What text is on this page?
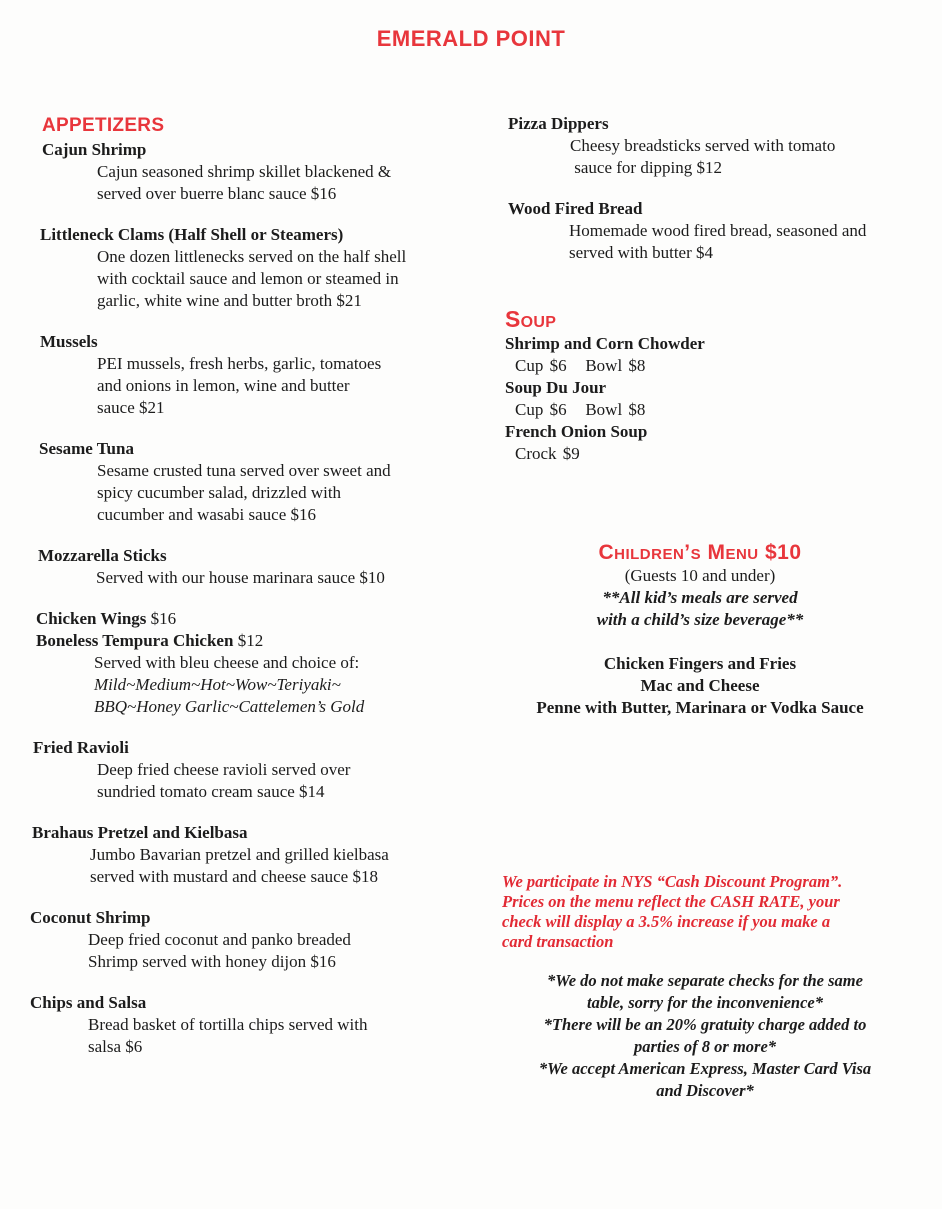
EMERALD POINT
APPETIZERS
Cajun Shrimp
Cajun seasoned shrimp skillet blackened &
served over buerre blanc sauce $16
Littleneck Clams (Half Shell or Steamers)
One dozen littlenecks served on the half shell
with cocktail sauce and lemon or steamed in
garlic, white wine and butter broth $21
Mussels
PEI mussels, fresh herbs, garlic, tomatoes
and onions in lemon, wine and butter
sauce $21
Sesame Tuna
Sesame crusted tuna served over sweet and
spicy cucumber salad, drizzled with
cucumber and wasabi sauce $16
Mozzarella Sticks
Served with our house marinara sauce $10
Chicken Wings $16
Boneless Tempura Chicken $12
Served with bleu cheese and choice of:
Mild~Medium~Hot~Wow~Teriyaki~
BBQ~Honey Garlic~Cattelemen’s Gold
Fried Ravioli
Deep fried cheese ravioli served over
sundried tomato cream sauce $14
Brahaus Pretzel and Kielbasa
Jumbo Bavarian pretzel and grilled kielbasa
served with mustard and cheese sauce $18
Coconut Shrimp
Deep fried coconut and panko breaded
Shrimp served with honey dijon $16
Chips and Salsa
Bread basket of tortilla chips served with
salsa $6
Pizza Dippers
Cheesy breadsticks served with tomato
sauce for dipping $12
Wood Fired Bread
Homemade wood fired bread, seasoned and
served with butter $4
Soup
Shrimp and Corn Chowder
Cup $6   Bowl $8
Soup Du Jour
Cup $6   Bowl $8
French Onion Soup
Crock $9
Children’s Menu $10
(Guests 10 and under)
**All kid’s meals are served
with a child’s size beverage**
Chicken Fingers and Fries
Mac and Cheese
Penne with Butter, Marinara or Vodka Sauce
We participate in NYS “Cash Discount Program”.
Prices on the menu reflect the CASH RATE, your
check will display a 3.5% increase if you make a
card transaction
*We do not make separate checks for the same
table, sorry for the inconvenience*
*There will be an 20% gratuity charge added to
parties of 8 or more*
*We accept American Express, Master Card Visa
and Discover*
